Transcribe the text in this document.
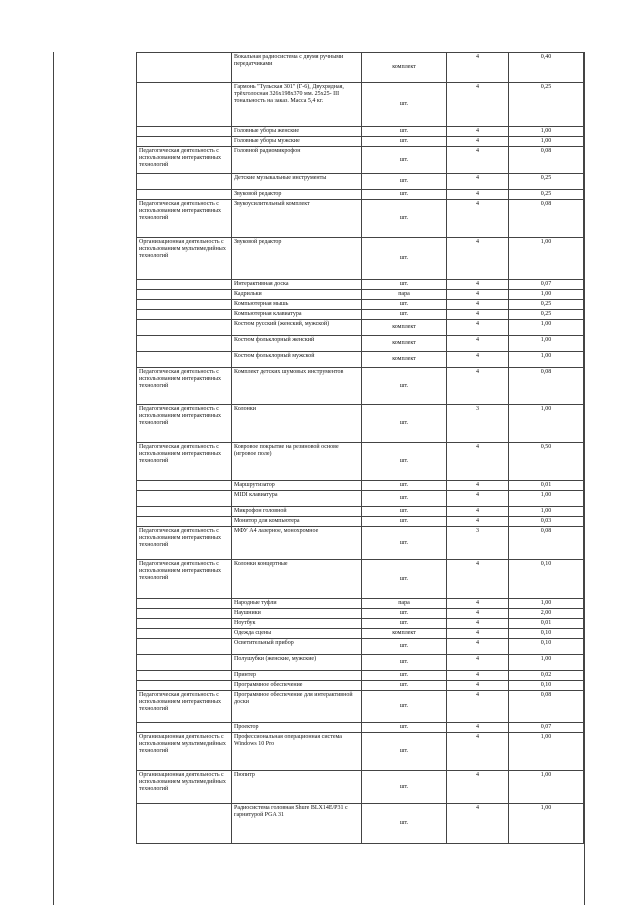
	Вокальная радиосистема с двумя ручными передатчиками	комплект	4	0,40
	Гармонь "Тульская 301" (Г-6), Двухрядная, трёхголосная 326х198х370 мм. 25х25- III тональность на заказ. Масса 5,4 кг.	шт.	4	0,25
	Головные уборы женские	шт.	4	1,00
	Головные уборы мужские	шт.	4	1,00
Педагогическая деятельность с использованием интерактивных технологий	Головной радиомикрофон	шт.	4	0,08
	Детские музыкальные инструменты	шт.	4	0,25
	Звуковой редактор	шт.	4	0,25
Педагогическая деятельность с использованием интерактивных технологий	Звукоусилительный комплект	шт.	4	0,08
Организационная деятельность с использованием мультимедийных технологий	Звуковой редактор	шт.	4	1,00
	Интерактивная доска	шт.	4	0,07
	Кадрильки	пара	4	1,00
	Компьютерная мышь	шт.	4	0,25
	Компьютерная клавиатура	шт.	4	0,25
	Костюм русский (женский, мужской)	комплект	4	1,00
	Костюм фольклорный женский	комплект	4	1,00
	Костюм фольклорный мужской	комплект	4	1,00
Педагогическая деятельность с использованием интерактивных технологий	Комплект детских шумовых инструментов	шт.	4	0,08
Педагогическая деятельность с использованием интерактивных технологий	Колонки	шт.	3	1,00
Педагогическая деятельность с использованием интерактивных технологий	Ковровое покрытие на резиновой основе (игровое поле)	шт.	4	0,50
	Маршрутизатор	шт.	4	0,01
	MIDI клавиатура	шт.	4	1,00
	Микрофон головной	шт.	4	1,00
	Монитор для компьютера	шт.	4	0,03
Педагогическая деятельность с использованием интерактивных технологий	МФУ А4 лазерное, монохромное	шт.	3	0,08
Педагогическая деятельность с использованием интерактивных технологий	Колонки концертные	шт.	4	0,10
	Народные туфли	пара	4	1,00
	Наушники	шт.	4	2,00
	Ноутбук	шт.	4	0,01
	Одежда сцены	комплект	4	0,10
	Осветительный прибор	шт.	4	0,10
	Полушубки (женские, мужские)	шт.	4	1,00
	Принтер	шт.	4	0,02
	Программное обеспечение	шт.	4	0,10
Педагогическая деятельность с использованием интерактивных технологий	Программное обеспечение для интерактивной доски	шт.	4	0,08
	Проектор	шт.	4	0,07
Организационная деятельность с использованием мультимедийных технологий	Профессиональная операционная система Windows 10 Pro	шт.	4	1,00
Организационная деятельность с использованием мультимедийных технологий	Пюпитр	шт.	4	1,00
	Радиосистема головная Shure BLX14E/P31 с гарнитурой PGA 31	шт.	4	1,00
